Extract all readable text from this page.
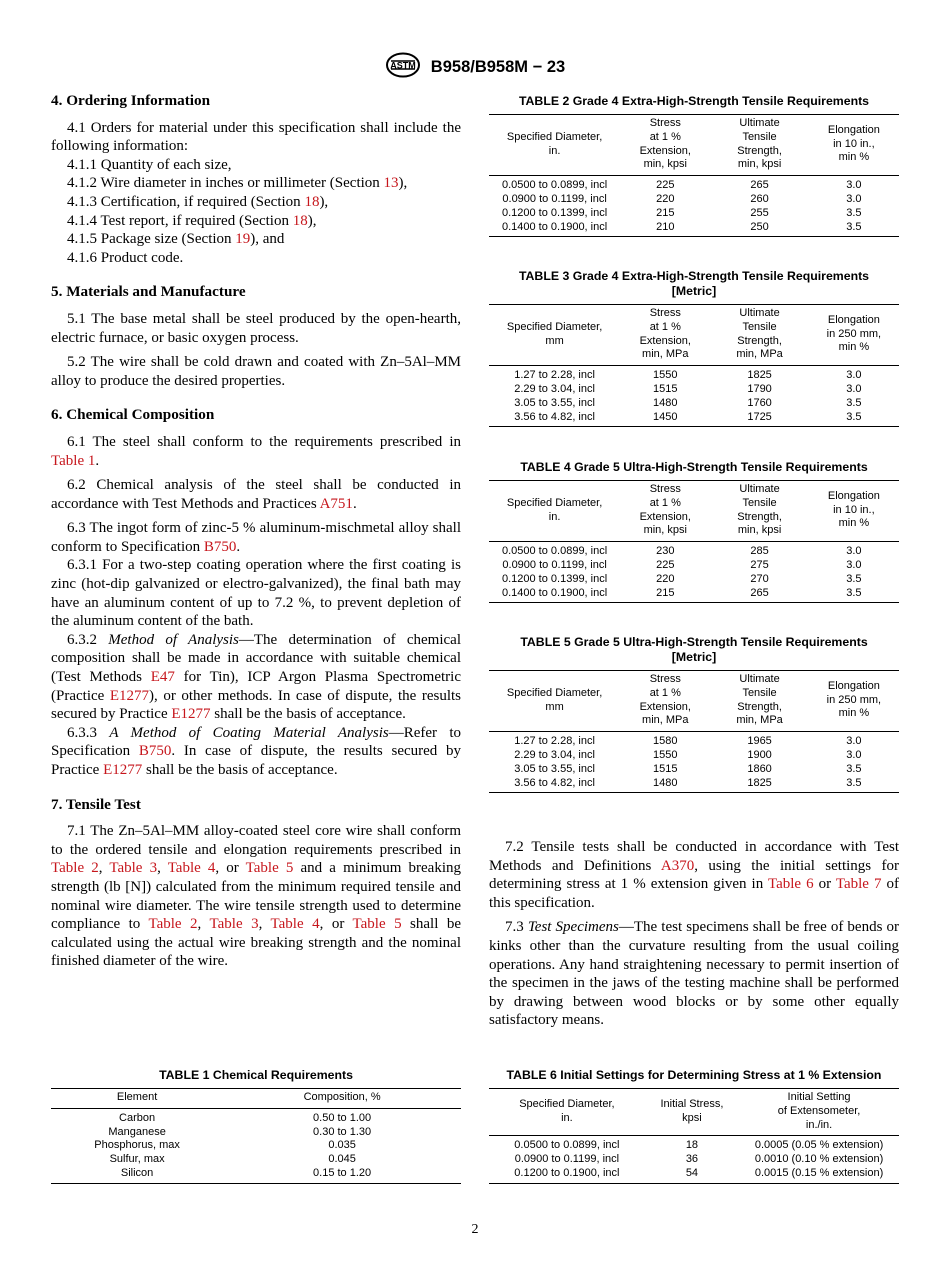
ASTM B958/B958M − 23
4. Ordering Information

4.1 Orders for material under this specification shall include the following information:

4.1.1 Quantity of each size,

4.1.2 Wire diameter in inches or millimeter (Section 13),

4.1.3 Certification, if required (Section 18),

4.1.4 Test report, if required (Section 18),

4.1.5 Package size (Section 19), and

4.1.6 Product code.

5. Materials and Manufacture

5.1 The base metal shall be steel produced by the open-hearth, electric furnace, or basic oxygen process.

5.2 The wire shall be cold drawn and coated with Zn–5Al–MM alloy to produce the desired properties.

6. Chemical Composition

6.1 The steel shall conform to the requirements prescribed in Table 1.

6.2 Chemical analysis of the steel shall be conducted in accordance with Test Methods and Practices A751.

6.3 The ingot form of zinc-5 % aluminum-mischmetal alloy shall conform to Specification B750.

6.3.1 For a two-step coating operation where the first coating is zinc (hot-dip galvanized or electro-galvanized), the final bath may have an aluminum content of up to 7.2 %, to prevent depletion of the aluminum content of the bath.

6.3.2 Method of Analysis—The determination of chemical composition shall be made in accordance with suitable chemical (Test Methods E47 for Tin), ICP Argon Plasma Spectrometric (Practice E1277), or other methods. In case of dispute, the results secured by Practice E1277 shall be the basis of acceptance.

6.3.3 A Method of Coating Material Analysis—Refer to Specification B750. In case of dispute, the results secured by Practice E1277 shall be the basis of acceptance.

7. Tensile Test

7.1 The Zn–5Al–MM alloy-coated steel core wire shall conform to the ordered tensile and elongation requirements prescribed in Table 2, Table 3, Table 4, or Table 5 and a minimum breaking strength (lb [N]) calculated from the minimum required tensile and nominal wire diameter. The wire tensile strength used to determine compliance to Table 2, Table 3, Table 4, or Table 5 shall be calculated using the actual wire breaking strength and the nominal finished diameter of the wire.

TABLE 1 Chemical Requirements
Element	Composition, %
Carbon	0.50 to 1.00
Manganese	0.30 to 1.30
Phosphorus, max	0.035
Sulfur, max	0.045
Silicon	0.15 to 1.20
TABLE 2 Grade 4 Extra-High-Strength Tensile Requirements
Specified Diameter,
in.	Stress
at 1 %
Extension,
min, kpsi	Ultimate
Tensile
Strength,
min, kpsi	Elongation
in 10 in.,
min %
0.0500 to 0.0899, incl	225	265	3.0
0.0900 to 0.1199, incl	220	260	3.0
0.1200 to 0.1399, incl	215	255	3.5
0.1400 to 0.1900, incl	210	250	3.5
TABLE 3 Grade 4 Extra-High-Strength Tensile Requirements [Metric]
Specified Diameter,
mm	Stress
at 1 %
Extension,
min, MPa	Ultimate
Tensile
Strength,
min, MPa	Elongation
in 250 mm,
min %
1.27 to 2.28, incl	1550	1825	3.0
2.29 to 3.04, incl	1515	1790	3.0
3.05 to 3.55, incl	1480	1760	3.5
3.56 to 4.82, incl	1450	1725	3.5
TABLE 4 Grade 5 Ultra-High-Strength Tensile Requirements
Specified Diameter,
in.	Stress
at 1 %
Extension,
min, kpsi	Ultimate
Tensile
Strength,
min, kpsi	Elongation
in 10 in.,
min %
0.0500 to 0.0899, incl	230	285	3.0
0.0900 to 0.1199, incl	225	275	3.0
0.1200 to 0.1399, incl	220	270	3.5
0.1400 to 0.1900, incl	215	265	3.5
TABLE 5 Grade 5 Ultra-High-Strength Tensile Requirements [Metric]
Specified Diameter,
mm	Stress
at 1 %
Extension,
min, MPa	Ultimate
Tensile
Strength,
min, MPa	Elongation
in 250 mm,
min %
1.27 to 2.28, incl	1580	1965	3.0
2.29 to 3.04, incl	1550	1900	3.0
3.05 to 3.55, incl	1515	1860	3.5
3.56 to 4.82, incl	1480	1825	3.5

7.2 Tensile tests shall be conducted in accordance with Test Methods and Definitions A370, using the initial settings for determining stress at 1 % extension given in Table 6 or Table 7 of this specification.

7.3 Test Specimens—The test specimens shall be free of bends or kinks other than the curvature resulting from the usual coiling operations. Any hand straightening necessary to permit insertion of the specimen in the jaws of the testing machine shall be performed by drawing between wood blocks or by some other equally satisfactory means.

TABLE 6 Initial Settings for Determining Stress at 1 % Extension
Specified Diameter,
in.	Initial Stress,
kpsi	Initial Setting
of Extensometer,
in./in.
0.0500 to 0.0899, incl	18	0.0005 (0.05 % extension)
0.0900 to 0.1199, incl	36	0.0010 (0.10 % extension)
0.1200 to 0.1900, incl	54	0.0015 (0.15 % extension)
2
